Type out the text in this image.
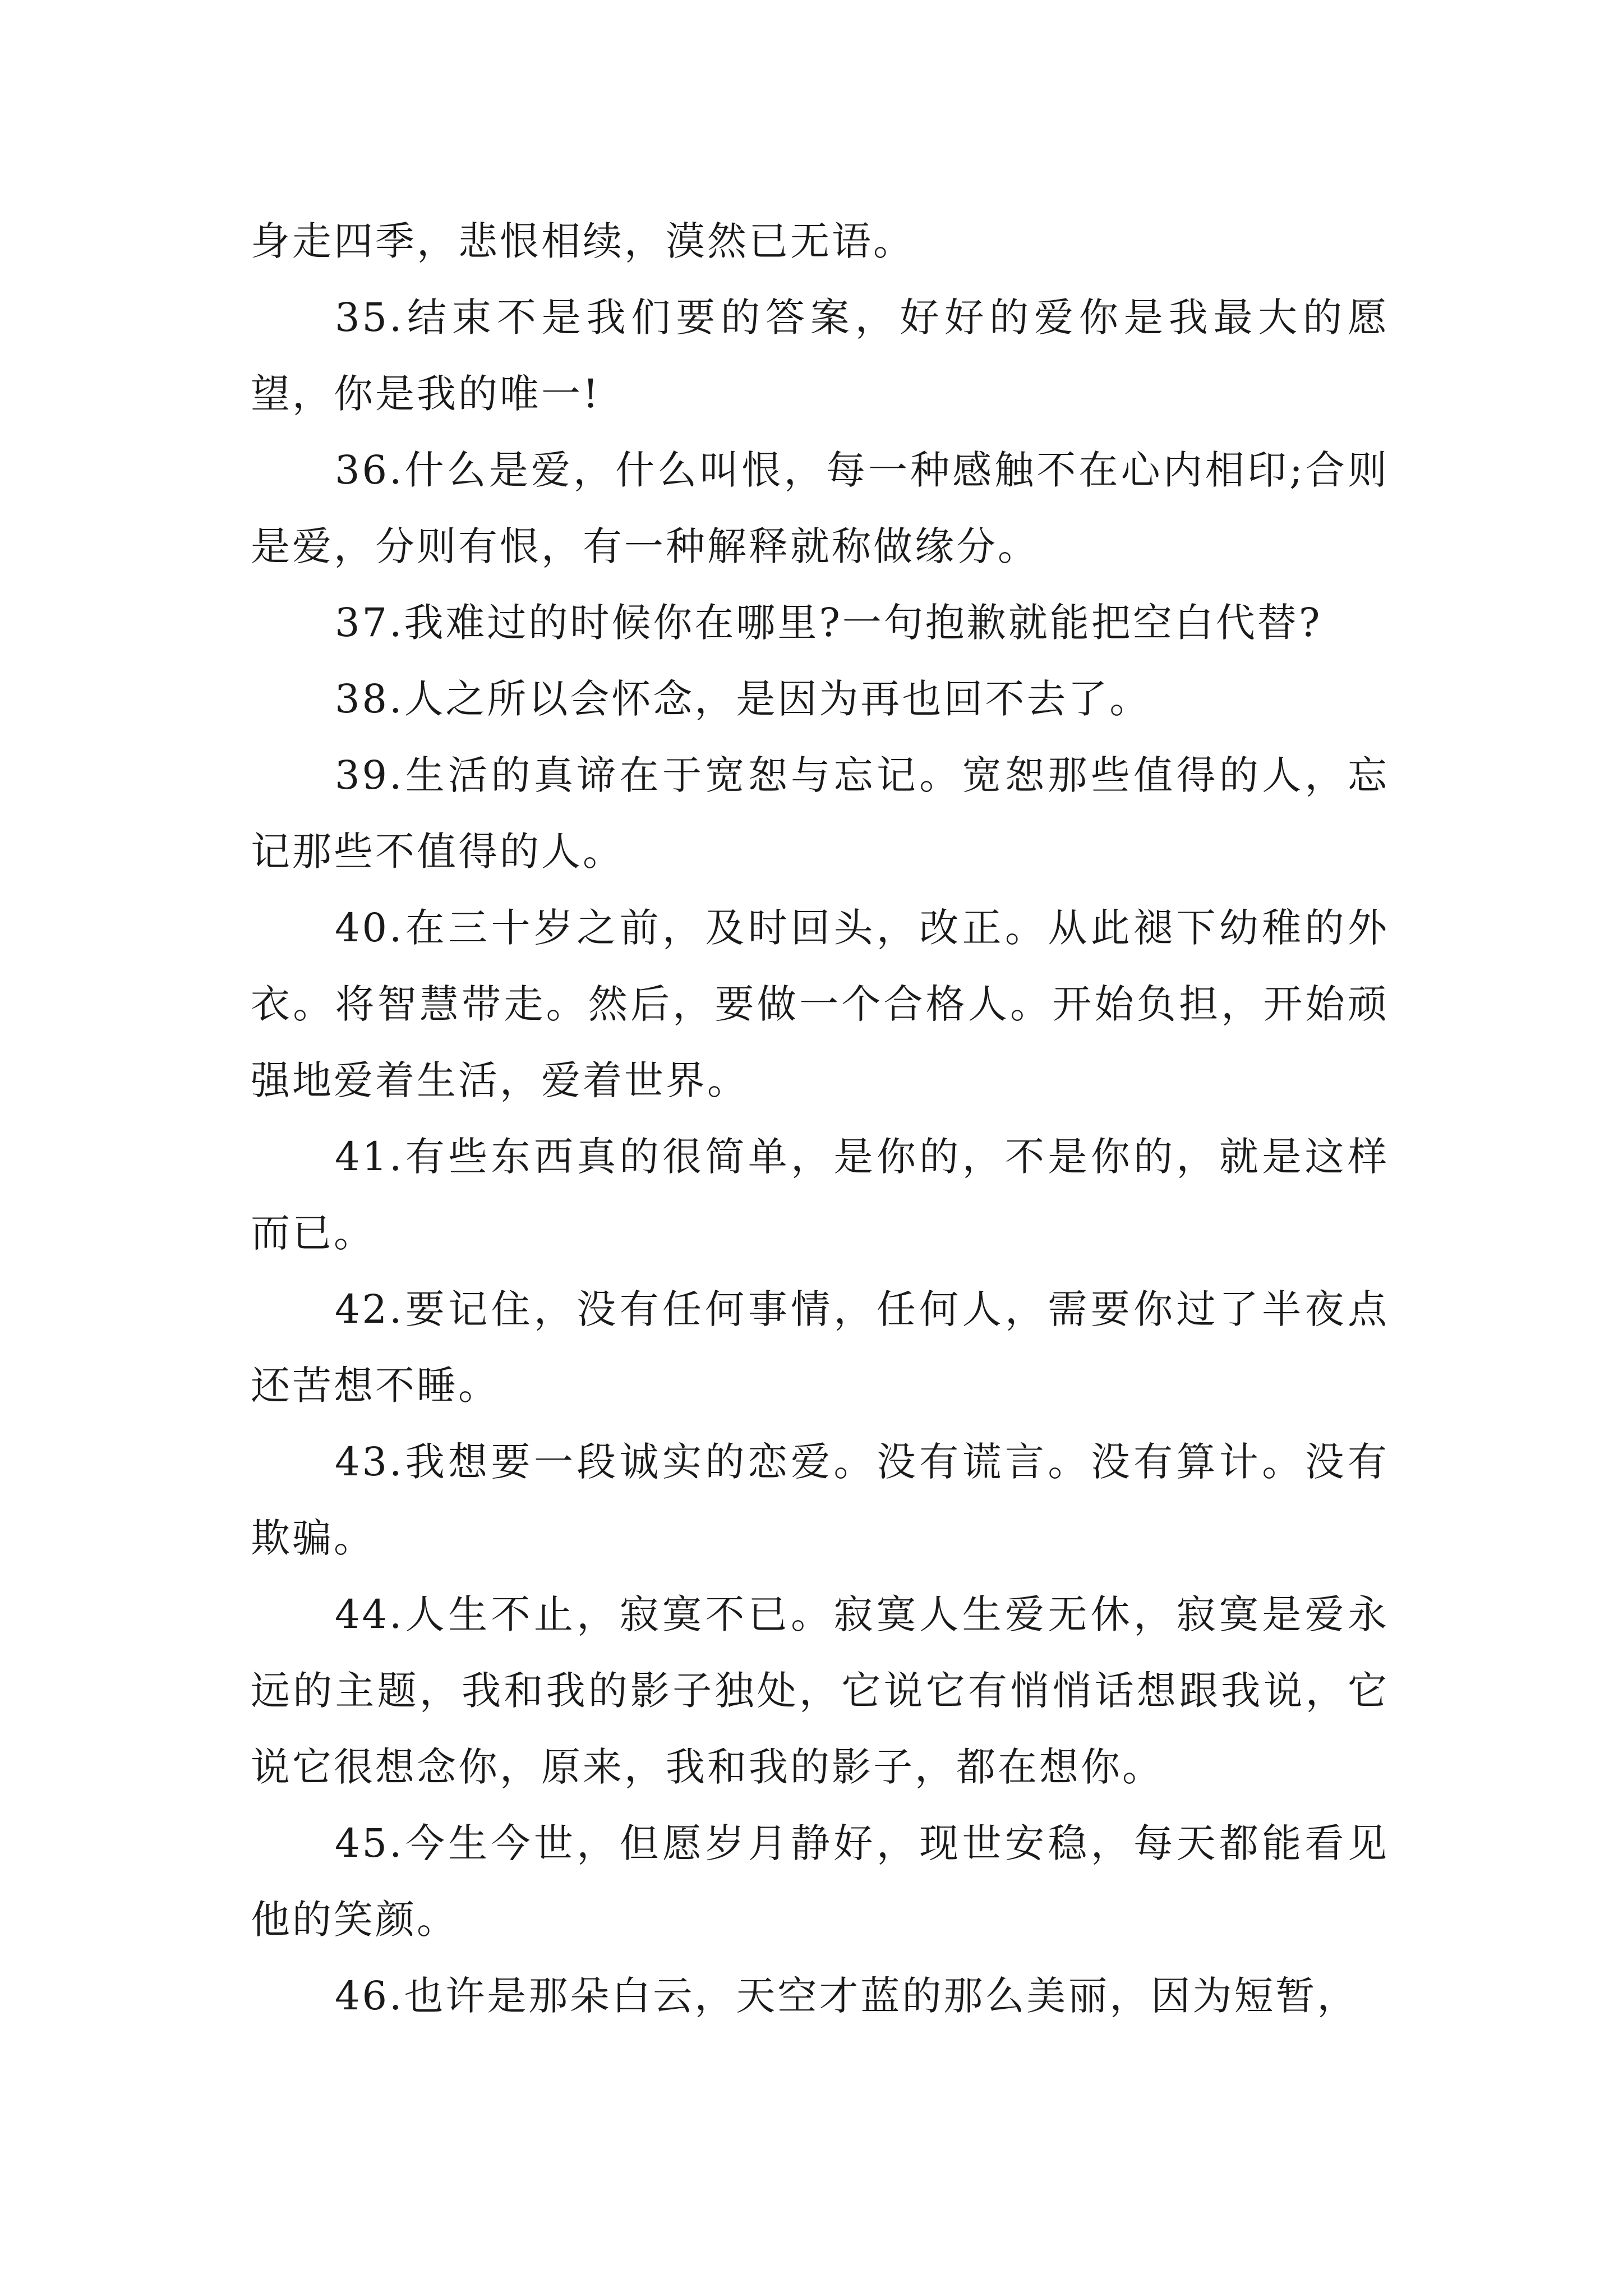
身走四季，悲恨相续，漠然已无语。

35.结束不是我们要的答案，好好的爱你是我最大的愿望，你是我的唯一!

36.什么是爱，什么叫恨，每一种感触不在心内相印;合则是爱，分则有恨，有一种解释就称做缘分。

37.我难过的时候你在哪里?一句抱歉就能把空白代替?

38.人之所以会怀念，是因为再也回不去了。

39.生活的真谛在于宽恕与忘记。宽恕那些值得的人，忘记那些不值得的人。

40.在三十岁之前，及时回头，改正。从此褪下幼稚的外衣。将智慧带走。然后，要做一个合格人。开始负担，开始顽强地爱着生活，爱着世界。

41.有些东西真的很简单，是你的，不是你的，就是这样而已。

42.要记住，没有任何事情，任何人，需要你过了半夜点还苦想不睡。

43.我想要一段诚实的恋爱。没有谎言。没有算计。没有欺骗。

44.人生不止，寂寞不已。寂寞人生爱无休，寂寞是爱永远的主题，我和我的影子独处，它说它有悄悄话想跟我说，它说它很想念你，原来，我和我的影子，都在想你。

45.今生今世，但愿岁月静好，现世安稳，每天都能看见他的笑颜。

46.也许是那朵白云，天空才蓝的那么美丽，因为短暂，
